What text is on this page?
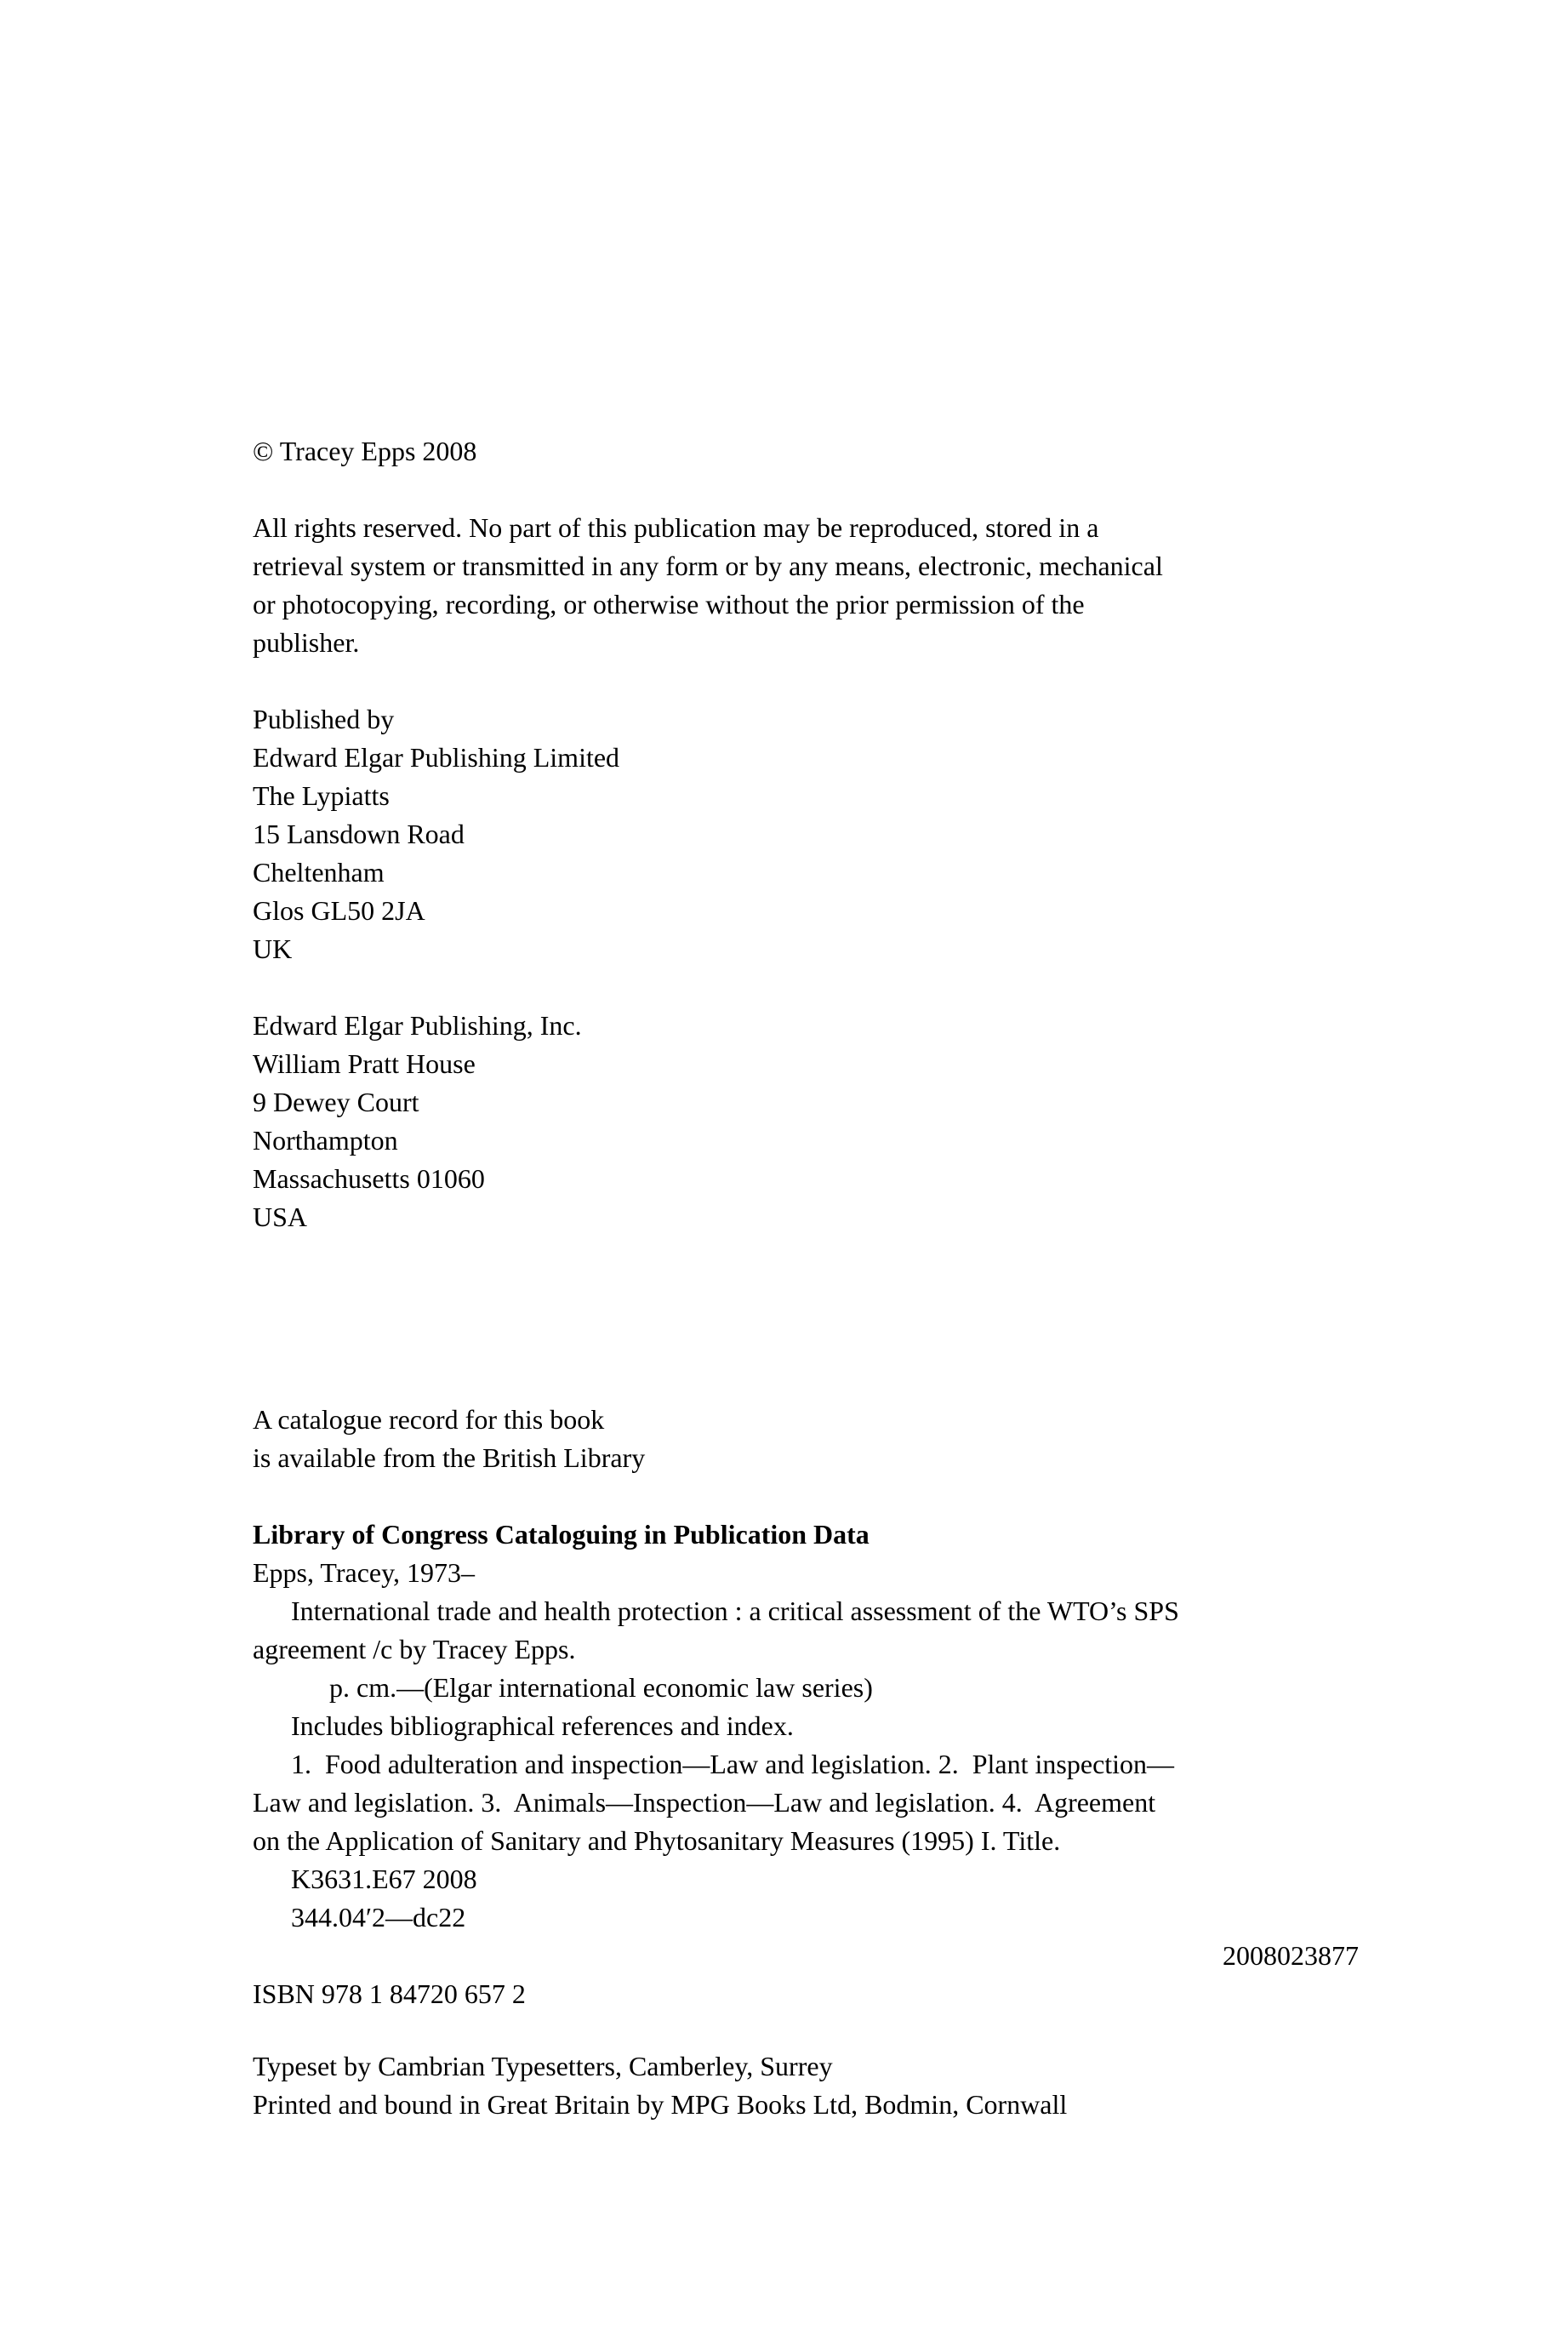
© Tracey Epps 2008
All rights reserved. No part of this publication may be reproduced, stored in a
retrieval system or transmitted in any form or by any means, electronic, mechanical
or photocopying, recording, or otherwise without the prior permission of the
publisher.
Published by
Edward Elgar Publishing Limited
The Lypiatts
15 Lansdown Road
Cheltenham
Glos GL50 2JA
UK
Edward Elgar Publishing, Inc.
William Pratt House
9 Dewey Court
Northampton
Massachusetts 01060
USA
A catalogue record for this book
is available from the British Library
Library of Congress Cataloguing in Publication Data
Epps, Tracey, 1973–
International trade and health protection : a critical assessment of the WTO’s SPS
agreement /c by Tracey Epps.
p. cm.—(Elgar international economic law series)
Includes bibliographical references and index.
1.  Food adulteration and inspection—Law and legislation. 2.  Plant inspection—
Law and legislation. 3.  Animals—Inspection—Law and legislation. 4.  Agreement
on the Application of Sanitary and Phytosanitary Measures (1995) I. Title.
K3631.E67 2008
344.04′2—dc22
2008023877
ISBN 978 1 84720 657 2
Typeset by Cambrian Typesetters, Camberley, Surrey
Printed and bound in Great Britain by MPG Books Ltd, Bodmin, Cornwall
